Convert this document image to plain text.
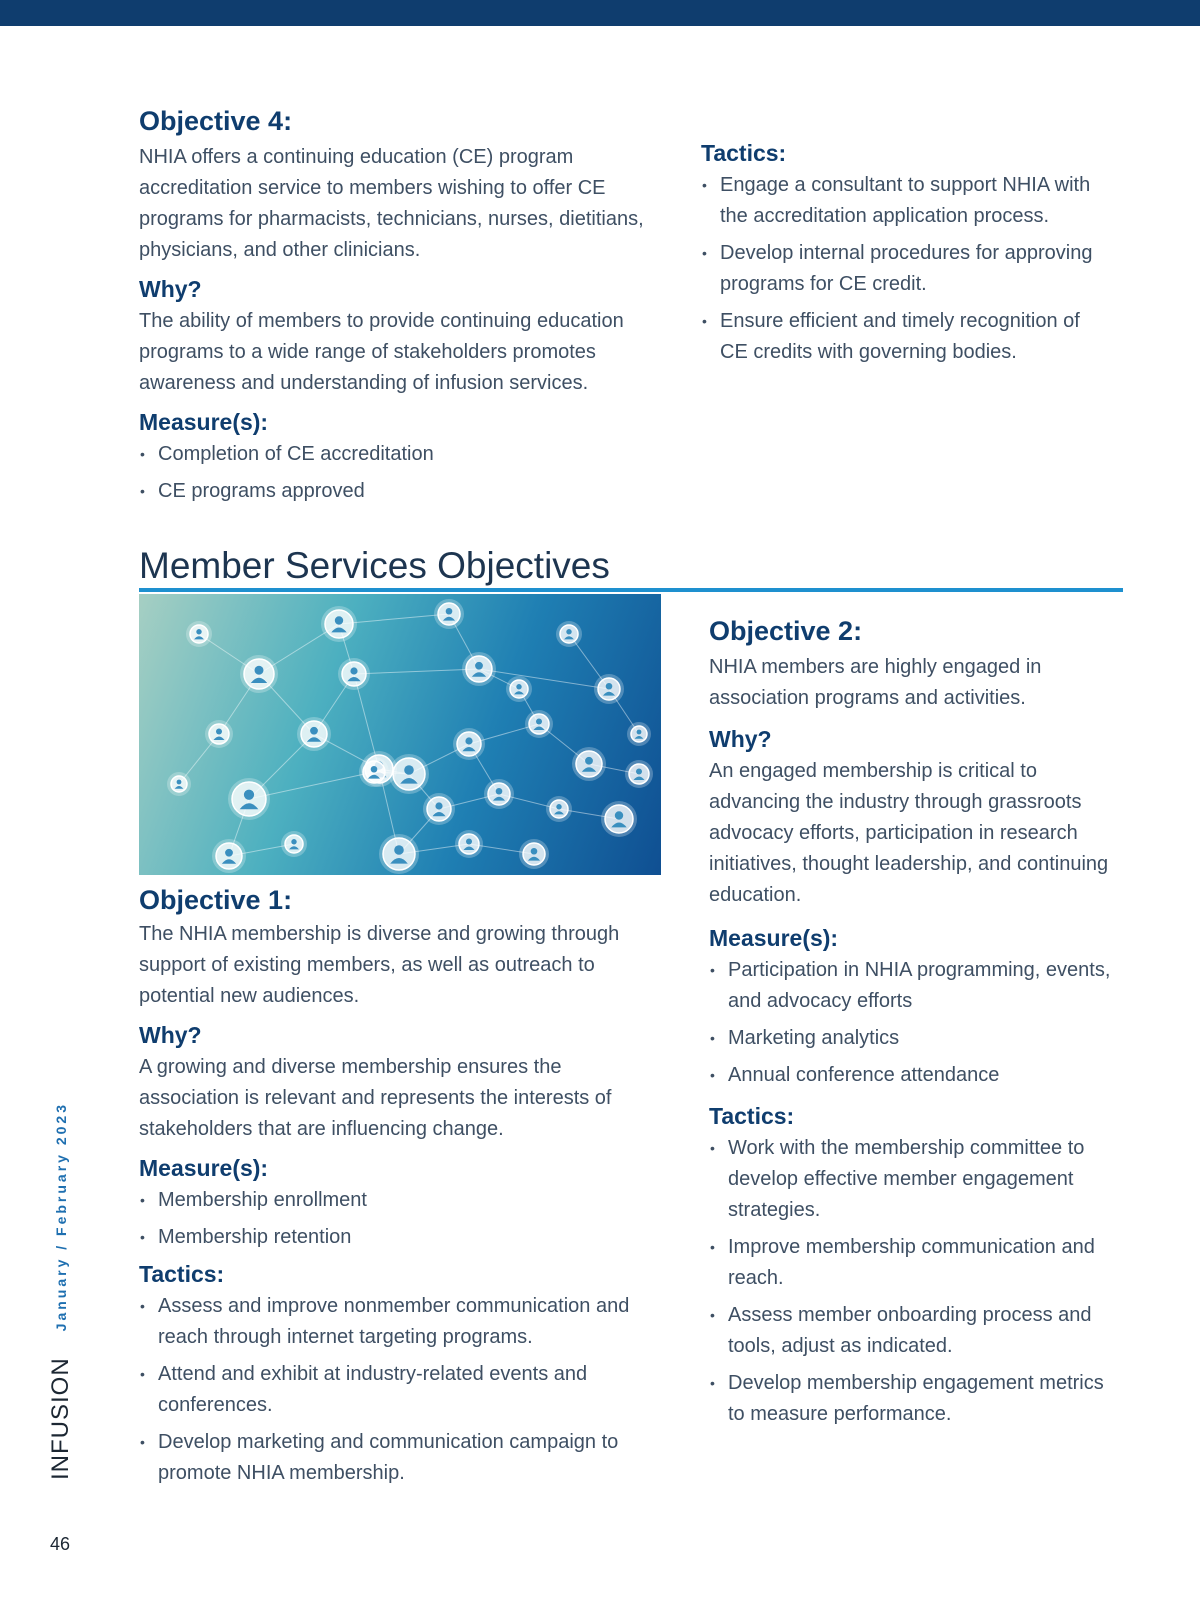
Objective 4:

NHIA offers a continuing education (CE) program accreditation service to members wishing to offer CE programs for pharmacists, technicians, nurses, dietitians, physicians, and other clinicians.

Why?

The ability of members to provide continuing education programs to a wide range of stakeholders promotes awareness and understanding of infusion services.

Measure(s):
• Completion of CE accreditation
• CE programs approved
Tactics:
• Engage a consultant to support NHIA with the accreditation application process.
• Develop internal procedures for approving programs for CE credit.
• Ensure efficient and timely recognition of CE credits with governing bodies.
Member Services Objectives
Objective 1:

The NHIA membership is diverse and growing through support of existing members, as well as outreach to potential new audiences.

Why?

A growing and diverse membership ensures the association is relevant and represents the interests of stakeholders that are influencing change.

Measure(s):
• Membership enrollment
• Membership retention
Tactics:
• Assess and improve nonmember communication and reach through internet targeting programs.
• Attend and exhibit at industry-related events and conferences.
• Develop marketing and communication campaign to promote NHIA membership.
Objective 2:

NHIA members are highly engaged in association programs and activities.

Why?

An engaged membership is critical to advancing the industry through grassroots advocacy efforts, participation in research initiatives, thought leadership, and continuing education.

Measure(s):
• Participation in NHIA programming, events, and advocacy efforts
• Marketing analytics
• Annual conference attendance
Tactics:
• Work with the membership committee to develop effective member engagement strategies.
• Improve membership communication and reach.
• Assess member onboarding process and tools, adjust as indicated.
• Develop membership engagement metrics to measure performance.
INFUSION
January / February 2023
46
